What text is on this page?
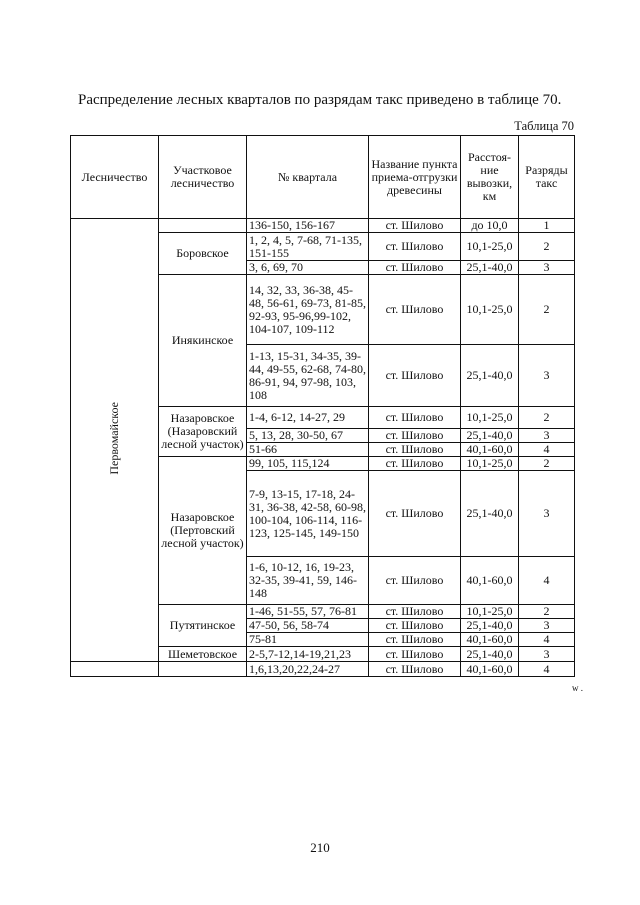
Распределение лесных кварталов по разрядам такс приведено в таблице 70.
Таблица 70
Лесничество	Участковое лесничество	№ квартала	Название пункта приема-отгрузки древесины	Расстоя-ние вывозки, км	Разряды такс
Первомайское		136-150, 156-167	ст. Шилово	до 10,0	1
	Боровское	1, 2, 4, 5, 7-68, 71-135, 151-155	ст. Шилово	10,1-25,0	2
		3, 6, 69, 70	ст. Шилово	25,1-40,0	3
	Инякинское	14, 32, 33, 36-38, 45-48, 56-61, 69-73, 81-85, 92-93, 95-96,99-102, 104-107, 109-112	ст. Шилово	10,1-25,0	2
		1-13, 15-31, 34-35, 39-44, 49-55, 62-68, 74-80, 86-91, 94, 97-98, 103, 108	ст. Шилово	25,1-40,0	3
	Назаровское (Назаровский лесной участок)	1-4, 6-12, 14-27, 29	ст. Шилово	10,1-25,0	2
		5, 13, 28, 30-50, 67	ст. Шилово	25,1-40,0	3
		51-66	ст. Шилово	40,1-60,0	4
	Назаровское (Пертовский лесной участок)	99, 105, 115,124	ст. Шилово	10,1-25,0	2
		7-9, 13-15, 17-18, 24-31, 36-38, 42-58, 60-98, 100-104, 106-114, 116-123, 125-145, 149-150	ст. Шилово	25,1-40,0	3
		1-6, 10-12, 16, 19-23, 32-35, 39-41, 59, 146-148	ст. Шилово	40,1-60,0	4
	Путятинское	1-46, 51-55, 57, 76-81	ст. Шилово	10,1-25,0	2
		47-50, 56, 58-74	ст. Шилово	25,1-40,0	3
		75-81	ст. Шилово	40,1-60,0	4
	Шеметовское	2-5,7-12,14-19,21,23	ст. Шилово	25,1-40,0	3
		1,6,13,20,22,24-27	ст. Шилово	40,1-60,0	4
w .
210
